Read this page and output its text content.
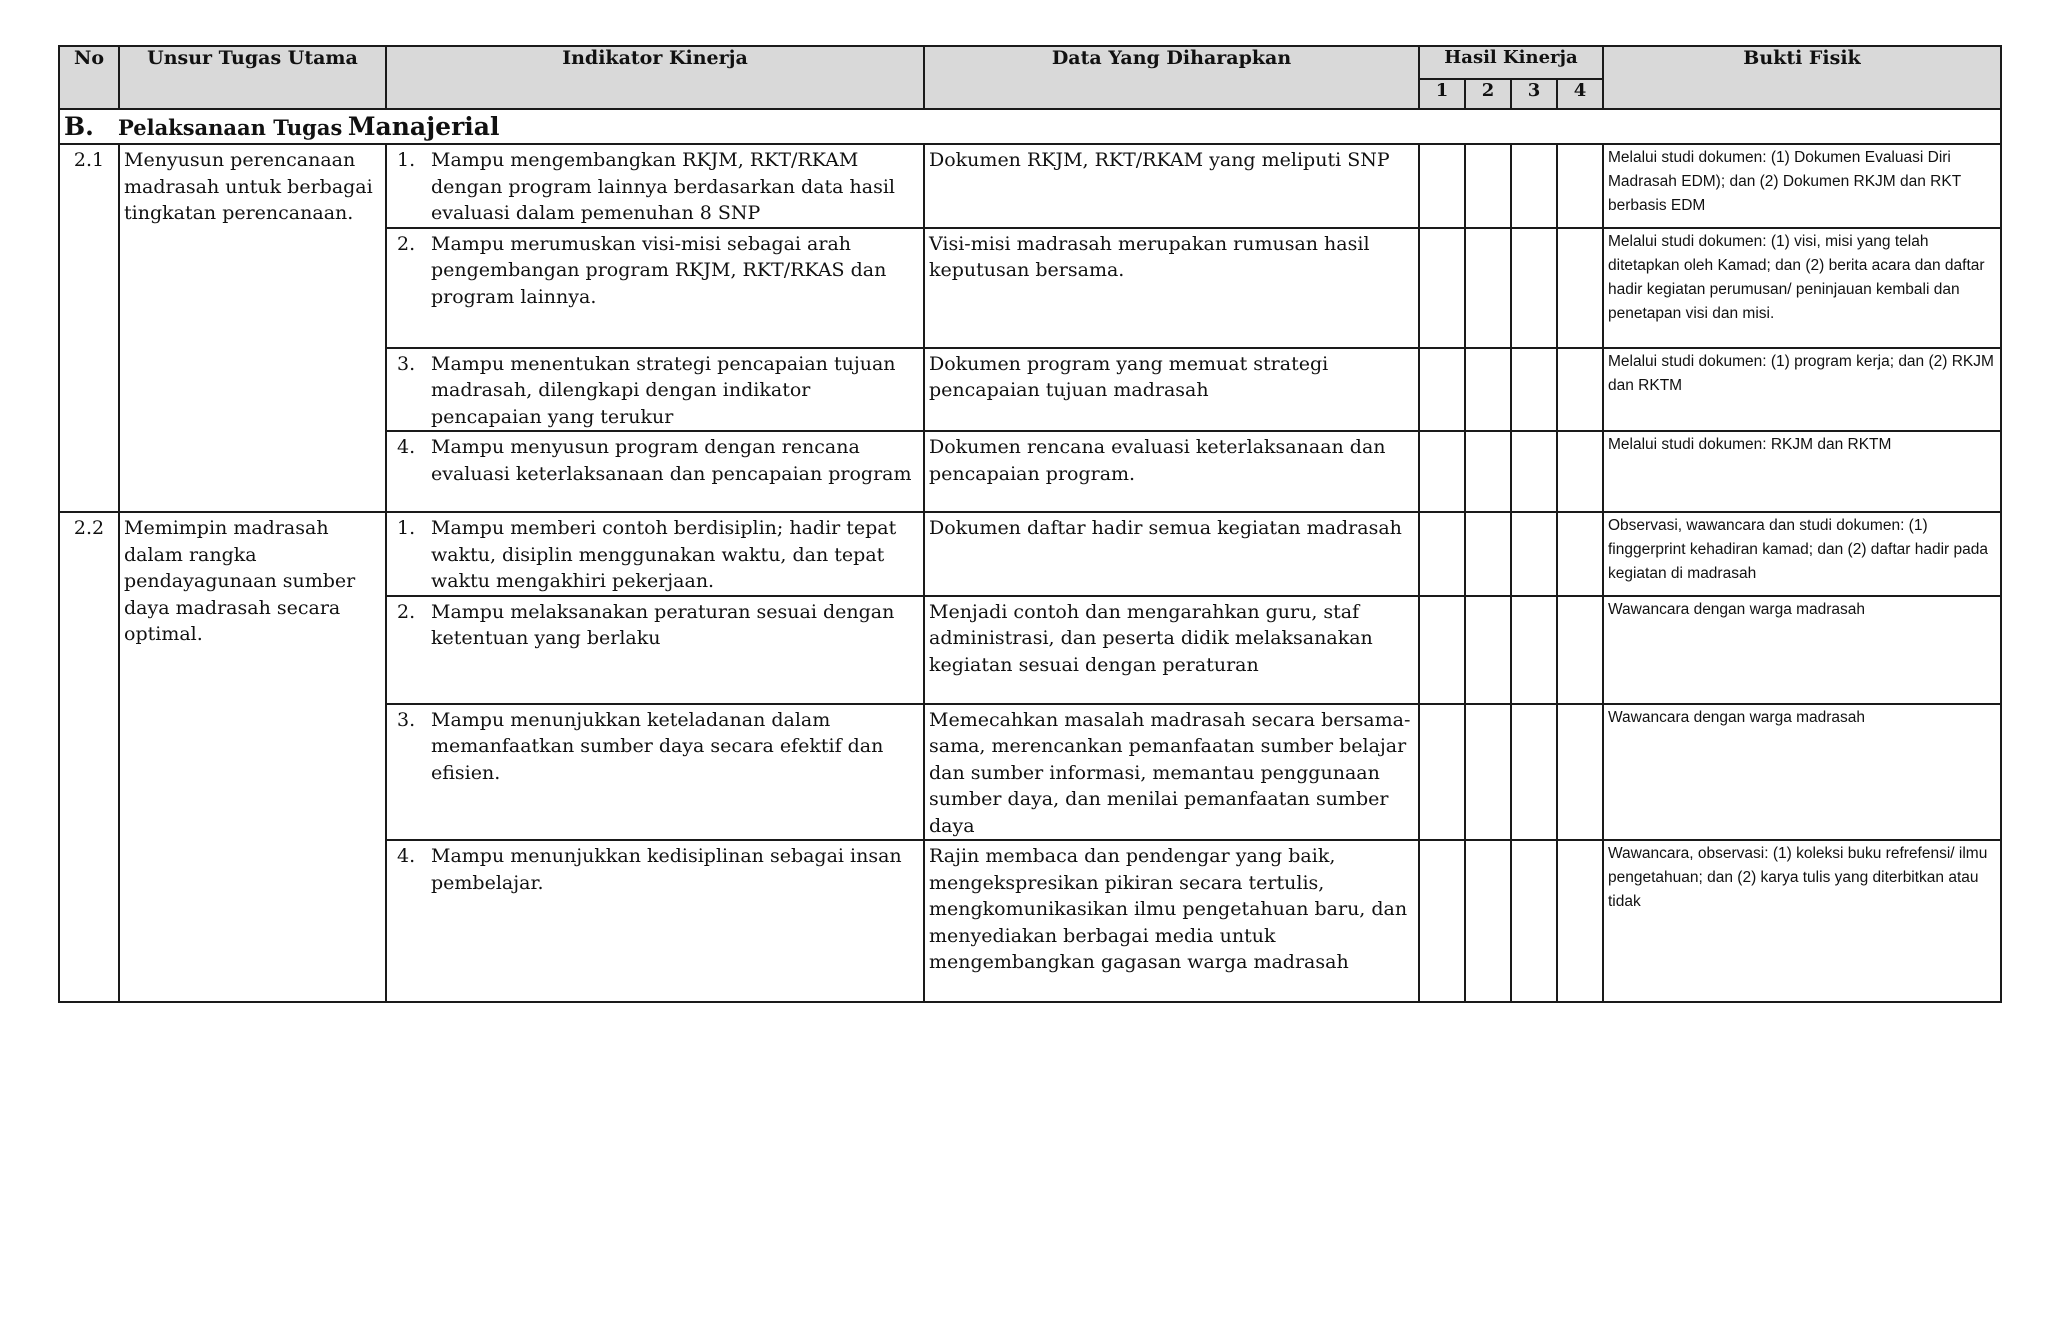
No	Unsur Tugas Utama	Indikator Kinerja	Data Yang Diharapkan	Hasil Kinerja				Bukti Fisik
				1	2	3	4	
B. Pelaksanaan Tugas Manajerial								
2.1	Menyusun perencanaan madrasah untuk berbagai tingkatan perencanaan.	1. Mampu mengembangkan RKJM, RKT/RKAM dengan program lainnya berdasarkan data hasil evaluasi dalam pemenuhan 8 SNP	Dokumen RKJM, RKT/RKAM yang meliputi SNP					Melalui studi dokumen: (1) Dokumen Evaluasi Diri Madrasah EDM); dan (2) Dokumen RKJM dan RKT berbasis EDM

		2. Mampu merumuskan visi-misi sebagai arah pengembangan program RKJM, RKT/RKAS dan program lainnya.	Visi-misi madrasah merupakan rumusan hasil keputusan bersama.					Melalui studi dokumen: (1) visi, misi yang telah ditetapkan oleh Kamad; dan (2) berita acara dan daftar hadir kegiatan perumusan/ peninjauan kembali dan penetapan visi dan misi.

		3. Mampu menentukan strategi pencapaian tujuan madrasah, dilengkapi dengan indikator pencapaian yang terukur	Dokumen program yang memuat strategi pencapaian tujuan madrasah					Melalui studi dokumen: (1) program kerja; dan (2) RKJM dan RKTM

		4. Mampu menyusun program dengan rencana evaluasi keterlaksanaan dan pencapaian program	Dokumen rencana evaluasi keterlaksanaan dan pencapaian program.					Melalui studi dokumen: RKJM dan RKTM
2.2	Memimpin madrasah dalam rangka pendayagunaan sumber daya madrasah secara optimal.	1. Mampu memberi contoh berdisiplin; hadir tepat waktu, disiplin menggunakan waktu, dan tepat waktu mengakhiri pekerjaan.	Dokumen daftar hadir semua kegiatan madrasah					Observasi, wawancara dan studi dokumen: (1) finggerprint kehadiran kamad; dan (2) daftar hadir pada kegiatan di madrasah

		2. Mampu melaksanakan peraturan sesuai dengan ketentuan yang berlaku	Menjadi contoh dan mengarahkan guru, staf administrasi, dan peserta didik melaksanakan kegiatan sesuai dengan peraturan					Wawancara dengan warga madrasah

		3. Mampu menunjukkan keteladanan dalam memanfaatkan sumber daya secara efektif dan efisien.	Memecahkan masalah madrasah secara bersama-sama, merencankan pemanfaatan sumber belajar dan sumber informasi, memantau penggunaan sumber daya, dan menilai pemanfaatan sumber daya					Wawancara dengan warga madrasah

		4. Mampu menunjukkan kedisiplinan sebagai insan pembelajar.	Rajin membaca dan pendengar yang baik, mengekspresikan pikiran secara tertulis, mengkomunikasikan ilmu pengetahuan baru, dan menyediakan berbagai media untuk mengembangkan gagasan warga madrasah					Wawancara, observasi: (1) koleksi buku refrefensi/ ilmu pengetahuan; dan (2) karya tulis yang diterbitkan atau tidak
